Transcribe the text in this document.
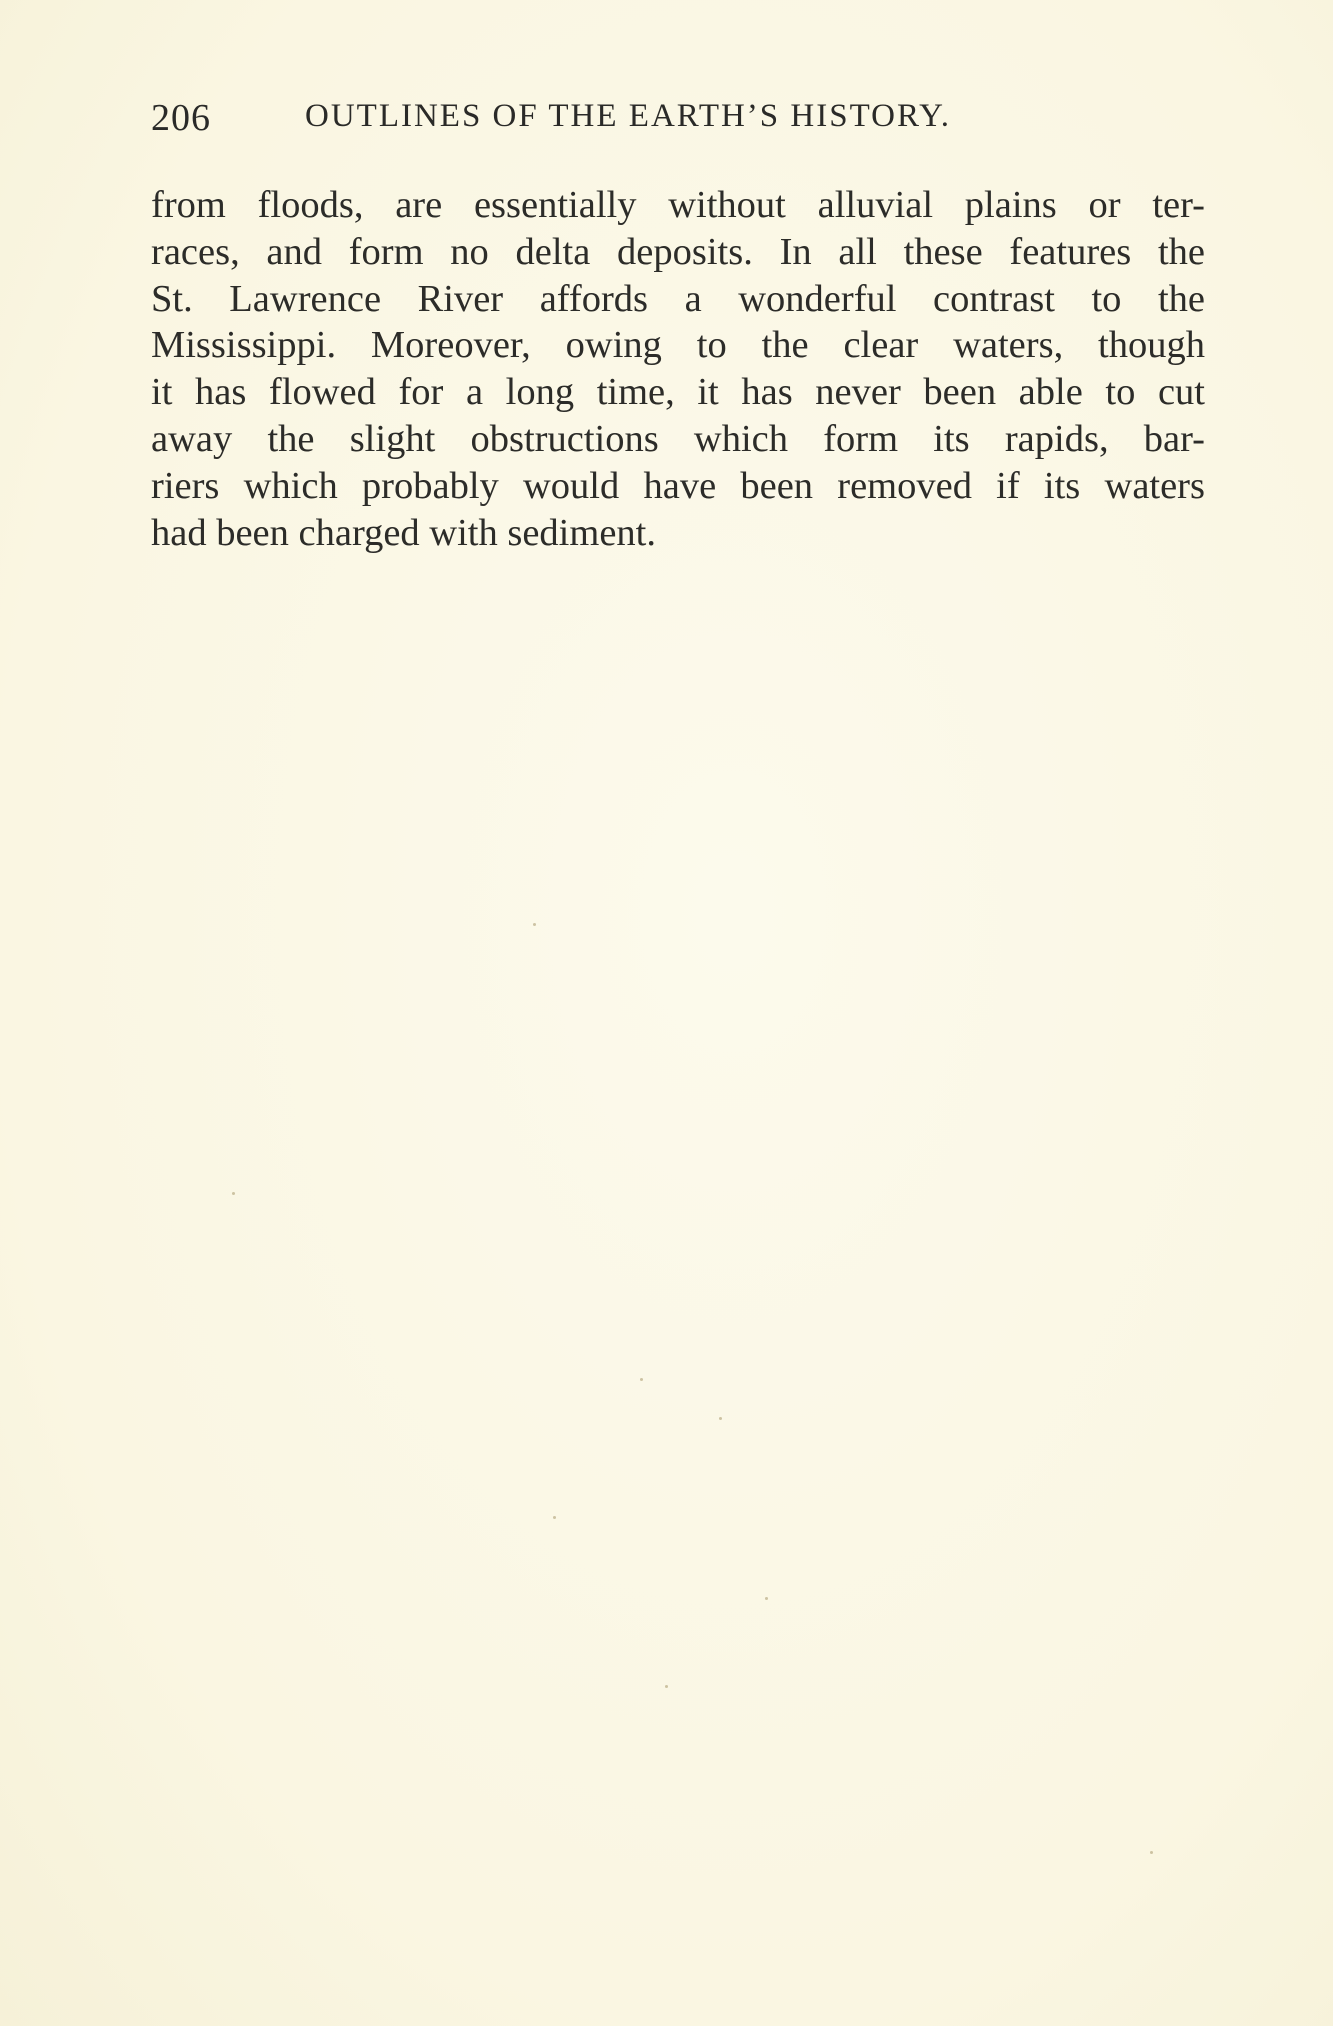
206	OUTLINES OF THE EARTH’S HISTORY.
from floods, are essentially without alluvial plains or ter-
races, and form no delta deposits. In all these features the
St. Lawrence River affords a wonderful contrast to the
Mississippi. Moreover, owing to the clear waters, though
it has flowed for a long time, it has never been able to cut
away the slight obstructions which form its rapids, bar-
riers which probably would have been removed if its waters
had been charged with sediment.
